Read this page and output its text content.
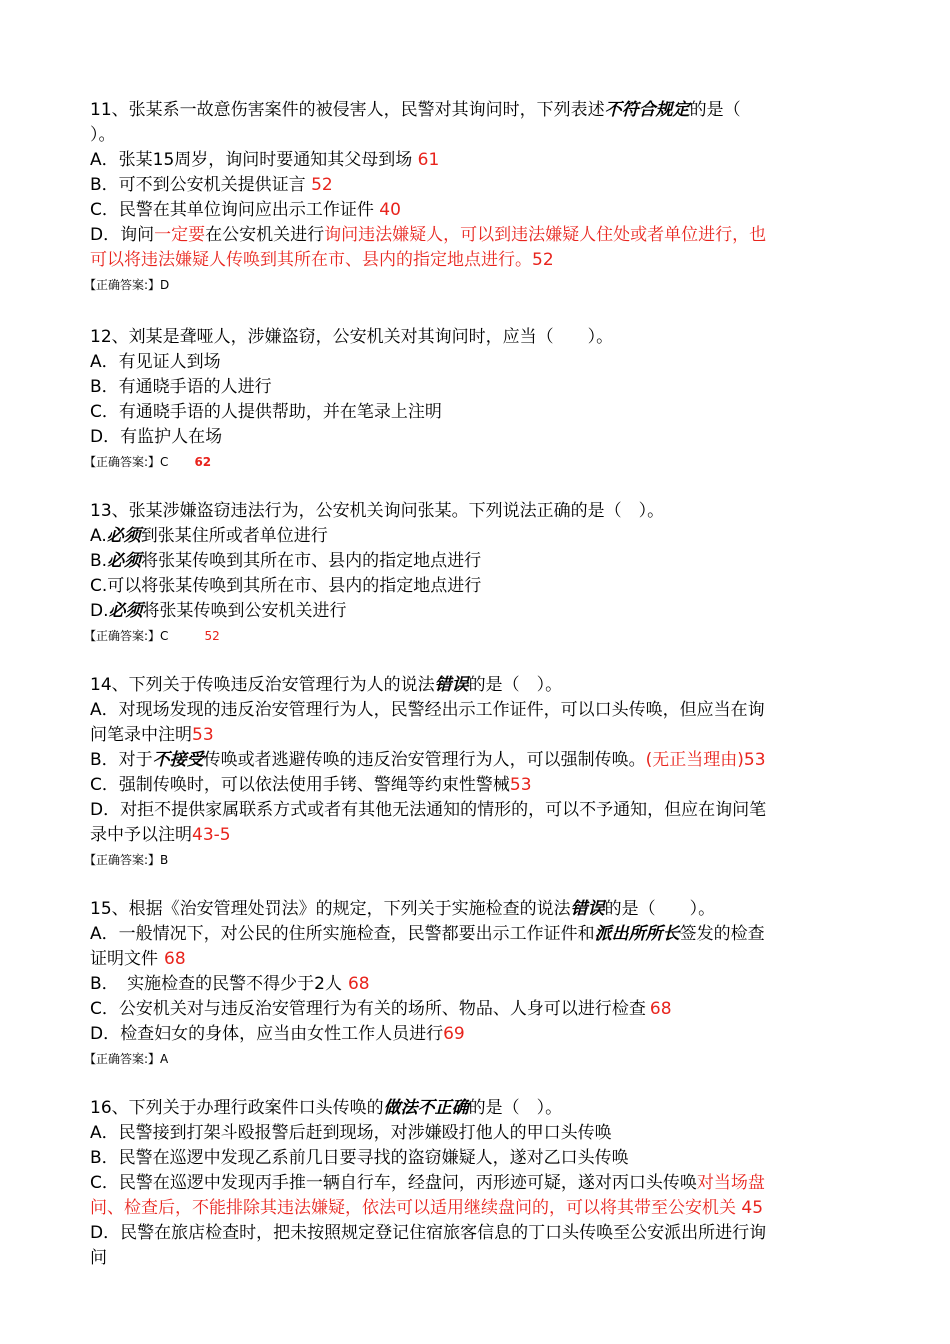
11、张某系一故意伤害案件的被侵害人，民警对其询问时，下列表述不符合规定的是（
）。
A．张某15周岁，询问时要通知其父母到场 61
B．可不到公安机关提供证言 52
C．民警在其单位询问应出示工作证件 40
D．询问一定要在公安机关进行询问违法嫌疑人，可以到违法嫌疑人住处或者单位进行，也
可以将违法嫌疑人传唤到其所在市、县内的指定地点进行。52
【正确答案:】D
12、刘某是聋哑人，涉嫌盗窃，公安机关对其询问时，应当（　　）。
A．有见证人到场
B．有通晓手语的人进行
C．有通晓手语的人提供帮助，并在笔录上注明
D．有监护人在场
【正确答案:】C 62
13、张某涉嫌盗窃违法行为，公安机关询问张某。下列说法正确的是（　）。
A.必须到张某住所或者单位进行
B.必须将张某传唤到其所在市、县内的指定地点进行
C.可以将张某传唤到其所在市、县内的指定地点进行
D.必须将张某传唤到公安机关进行
【正确答案:】C	52
14、下列关于传唤违反治安管理行为人的说法错误的是（　）。
A．对现场发现的违反治安管理行为人，民警经出示工作证件，可以口头传唤，但应当在询
问笔录中注明53
B．对于不接受传唤或者逃避传唤的违反治安管理行为人，可以强制传唤。(无正当理由)53
C．强制传唤时，可以依法使用手铐、警绳等约束性警械53
D．对拒不提供家属联系方式或者有其他无法通知的情形的，可以不予通知，但应在询问笔
录中予以注明43-5
【正确答案:】B
15、根据《治安管理处罚法》的规定，下列关于实施检查的说法错误的是（　　）。
A．一般情况下，对公民的住所实施检查，民警都要出示工作证件和派出所所长签发的检查
证明文件 68
B．　实施检查的民警不得少于2人 68
C．公安机关对与违反治安管理行为有关的场所、物品、人身可以进行检查 68
D．检查妇女的身体，应当由女性工作人员进行69
【正确答案:】A
16、下列关于办理行政案件口头传唤的做法不正确的是（　）。
A．民警接到打架斗殴报警后赶到现场，对涉嫌殴打他人的甲口头传唤
B．民警在巡逻中发现乙系前几日要寻找的盗窃嫌疑人，遂对乙口头传唤
C．民警在巡逻中发现丙手推一辆自行车，经盘问，丙形迹可疑，遂对丙口头传唤对当场盘
问、检查后，不能排除其违法嫌疑，依法可以适用继续盘问的，可以将其带至公安机关 45
D．民警在旅店检查时，把未按照规定登记住宿旅客信息的丁口头传唤至公安派出所进行询
问
